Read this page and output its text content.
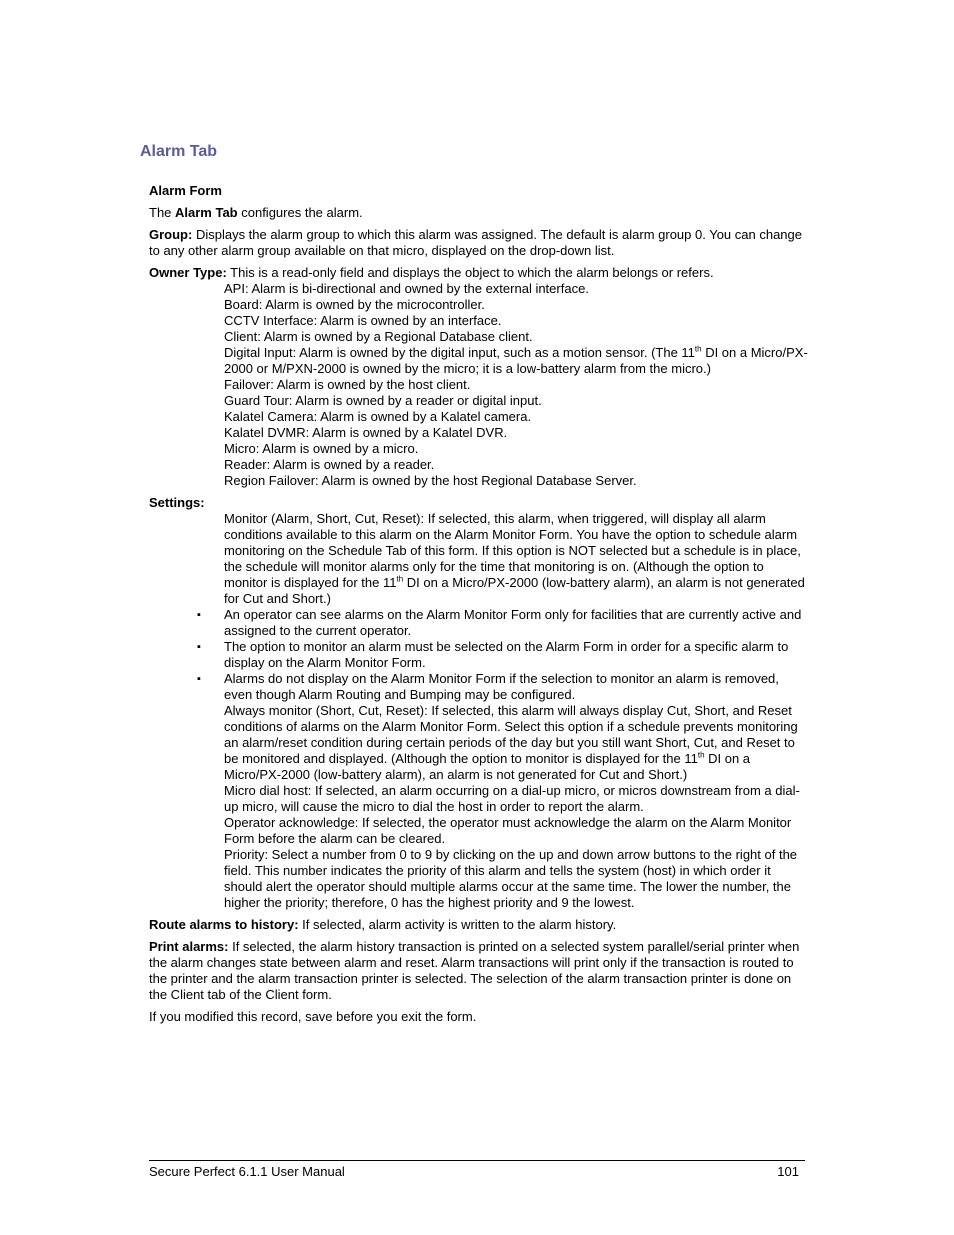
Alarm Tab
Alarm Form

The Alarm Tab configures the alarm.

Group: Displays the alarm group to which this alarm was assigned. The default is alarm group 0. You can change to any other alarm group available on that micro, displayed on the drop-down list.

Owner Type: This is a read-only field and displays the object to which the alarm belongs or refers.

API: Alarm is bi-directional and owned by the external interface.
Board: Alarm is owned by the microcontroller.
CCTV Interface: Alarm is owned by an interface.
Client: Alarm is owned by a Regional Database client.
Digital Input: Alarm is owned by the digital input, such as a motion sensor. (The 11th DI on a Micro/PX-2000 or M/PXN-2000 is owned by the micro; it is a low-battery alarm from the micro.)
Failover: Alarm is owned by the host client.
Guard Tour: Alarm is owned by a reader or digital input.
Kalatel Camera: Alarm is owned by a Kalatel camera.
Kalatel DVMR: Alarm is owned by a Kalatel DVR.
Micro: Alarm is owned by a micro.
Reader: Alarm is owned by a reader.
Region Failover: Alarm is owned by the host Regional Database Server.
Settings:
Monitor (Alarm, Short, Cut, Reset): If selected, this alarm, when triggered, will display all alarm conditions available to this alarm on the Alarm Monitor Form. You have the option to schedule alarm monitoring on the Schedule Tab of this form. If this option is NOT selected but a schedule is in place, the schedule will monitor alarms only for the time that monitoring is on. (Although the option to monitor is displayed for the 11th DI on a Micro/PX-2000 (low-battery alarm), an alarm is not generated for Cut and Short.)
▪ An operator can see alarms on the Alarm Monitor Form only for facilities that are currently active and assigned to the current operator.
▪ The option to monitor an alarm must be selected on the Alarm Form in order for a specific alarm to display on the Alarm Monitor Form.
▪ Alarms do not display on the Alarm Monitor Form if the selection to monitor an alarm is removed, even though Alarm Routing and Bumping may be configured.
Always monitor (Short, Cut, Reset): If selected, this alarm will always display Cut, Short, and Reset conditions of alarms on the Alarm Monitor Form. Select this option if a schedule prevents monitoring an alarm/reset condition during certain periods of the day but you still want Short, Cut, and Reset to be monitored and displayed. (Although the option to monitor is displayed for the 11th DI on a Micro/PX-2000 (low-battery alarm), an alarm is not generated for Cut and Short.)
Micro dial host: If selected, an alarm occurring on a dial-up micro, or micros downstream from a dial-up micro, will cause the micro to dial the host in order to report the alarm.
Operator acknowledge: If selected, the operator must acknowledge the alarm on the Alarm Monitor Form before the alarm can be cleared.
Priority: Select a number from 0 to 9 by clicking on the up and down arrow buttons to the right of the field. This number indicates the priority of this alarm and tells the system (host) in which order it should alert the operator should multiple alarms occur at the same time. The lower the number, the higher the priority; therefore, 0 has the highest priority and 9 the lowest.

Route alarms to history: If selected, alarm activity is written to the alarm history.

Print alarms: If selected, the alarm history transaction is printed on a selected system parallel/serial printer when the alarm changes state between alarm and reset. Alarm transactions will print only if the transaction is routed to the printer and the alarm transaction printer is selected. The selection of the alarm transaction printer is done on the Client tab of the Client form.

If you modified this record, save before you exit the form.

Secure Perfect 6.1.1 User Manual	101
